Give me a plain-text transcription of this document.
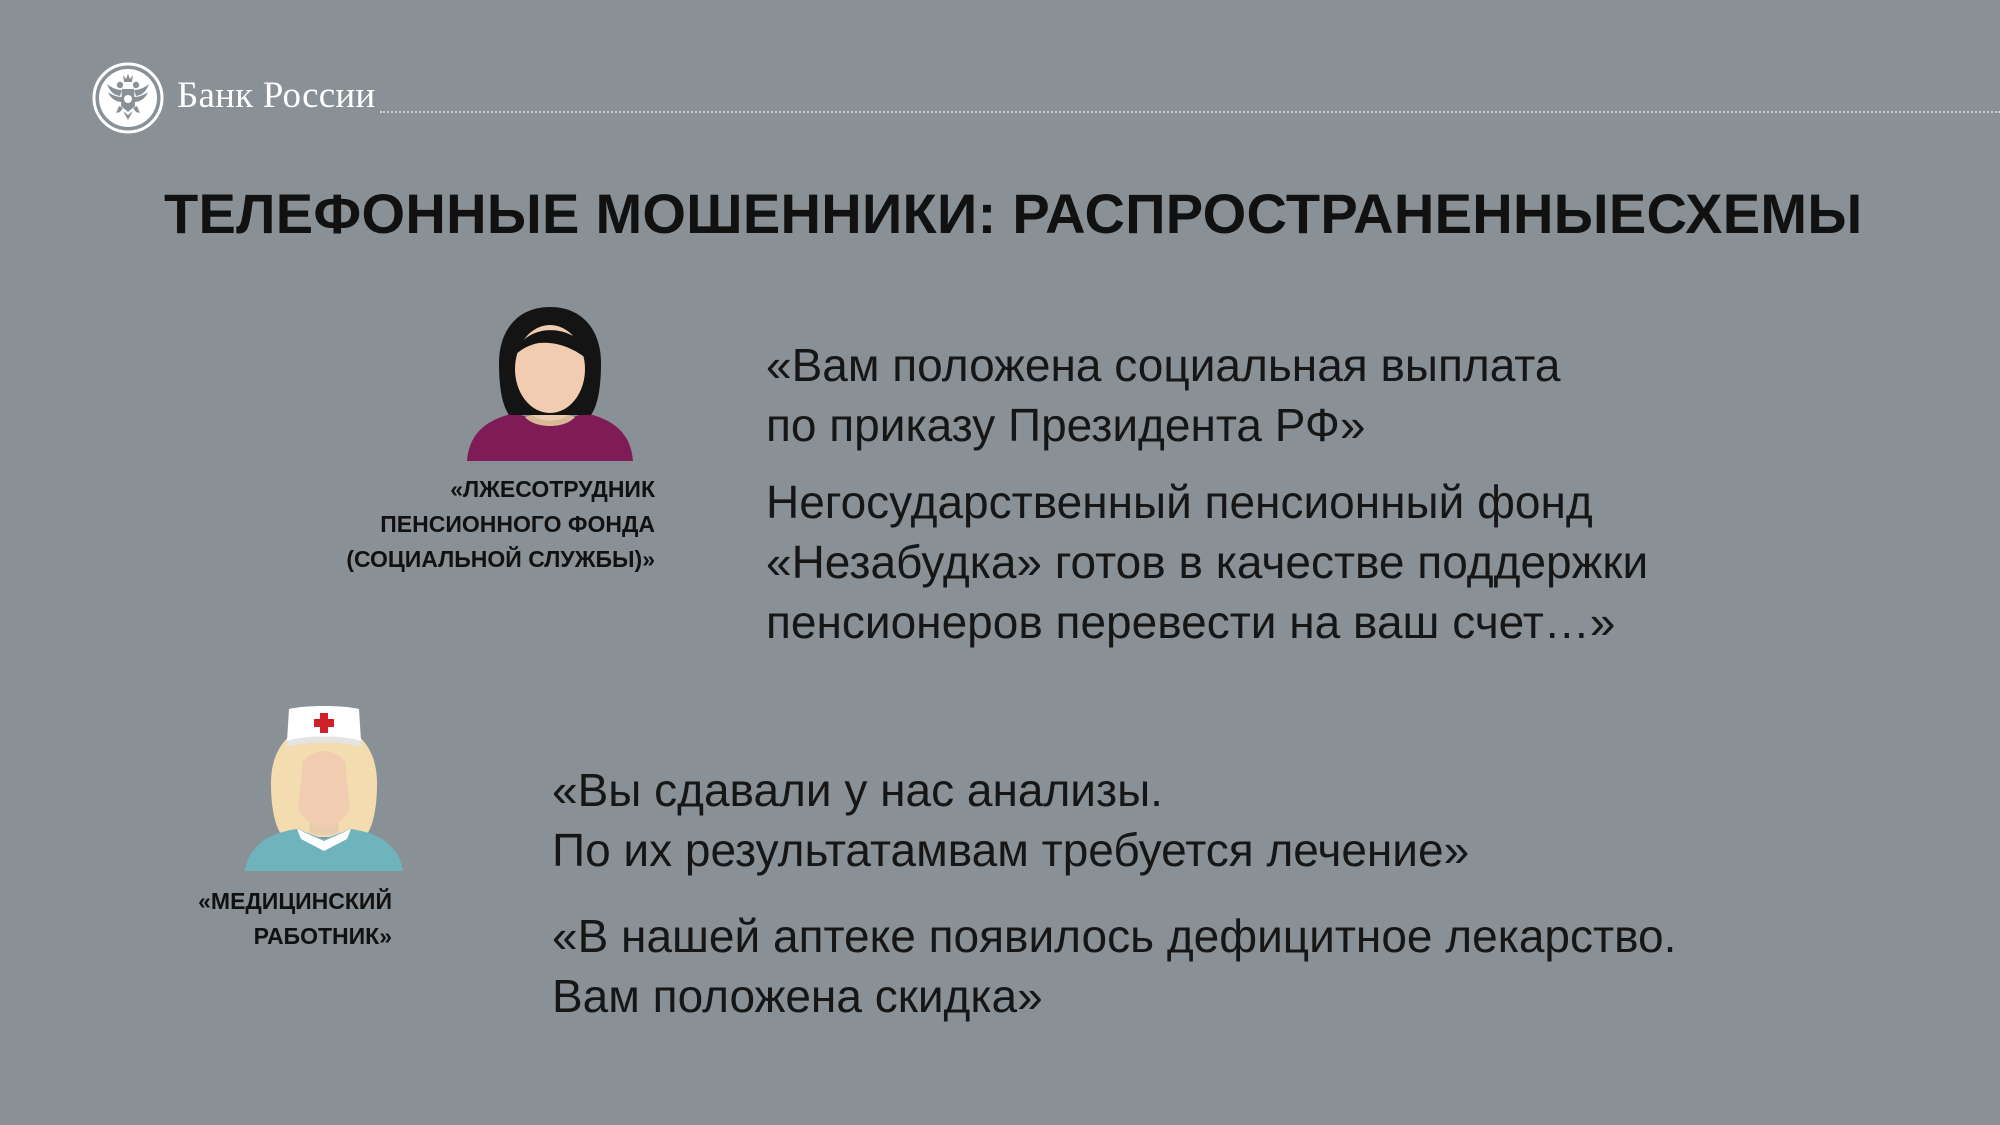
Банк России
ТЕЛЕФОННЫЕ МОШЕННИКИ: РАСПРОСТРАНЕННЫЕСХЕМЫ
«ЛЖЕСОТРУДНИК
ПЕНСИОННОГО ФОНДА
(СОЦИАЛЬНОЙ СЛУЖБЫ)»
«Вам положена социальная выплата
по приказу Президента РФ»
Негосударственный пенсионный фонд
«Незабудка» готов в качестве поддержки
пенсионеров перевести на ваш счет…»
«МЕДИЦИНСКИЙ
РАБОТНИК»
«Вы сдавали у нас анализы.
По их результатамвам требуется лечение»
«В нашей аптеке появилось дефицитное лекарство.
Вам положена скидка»
